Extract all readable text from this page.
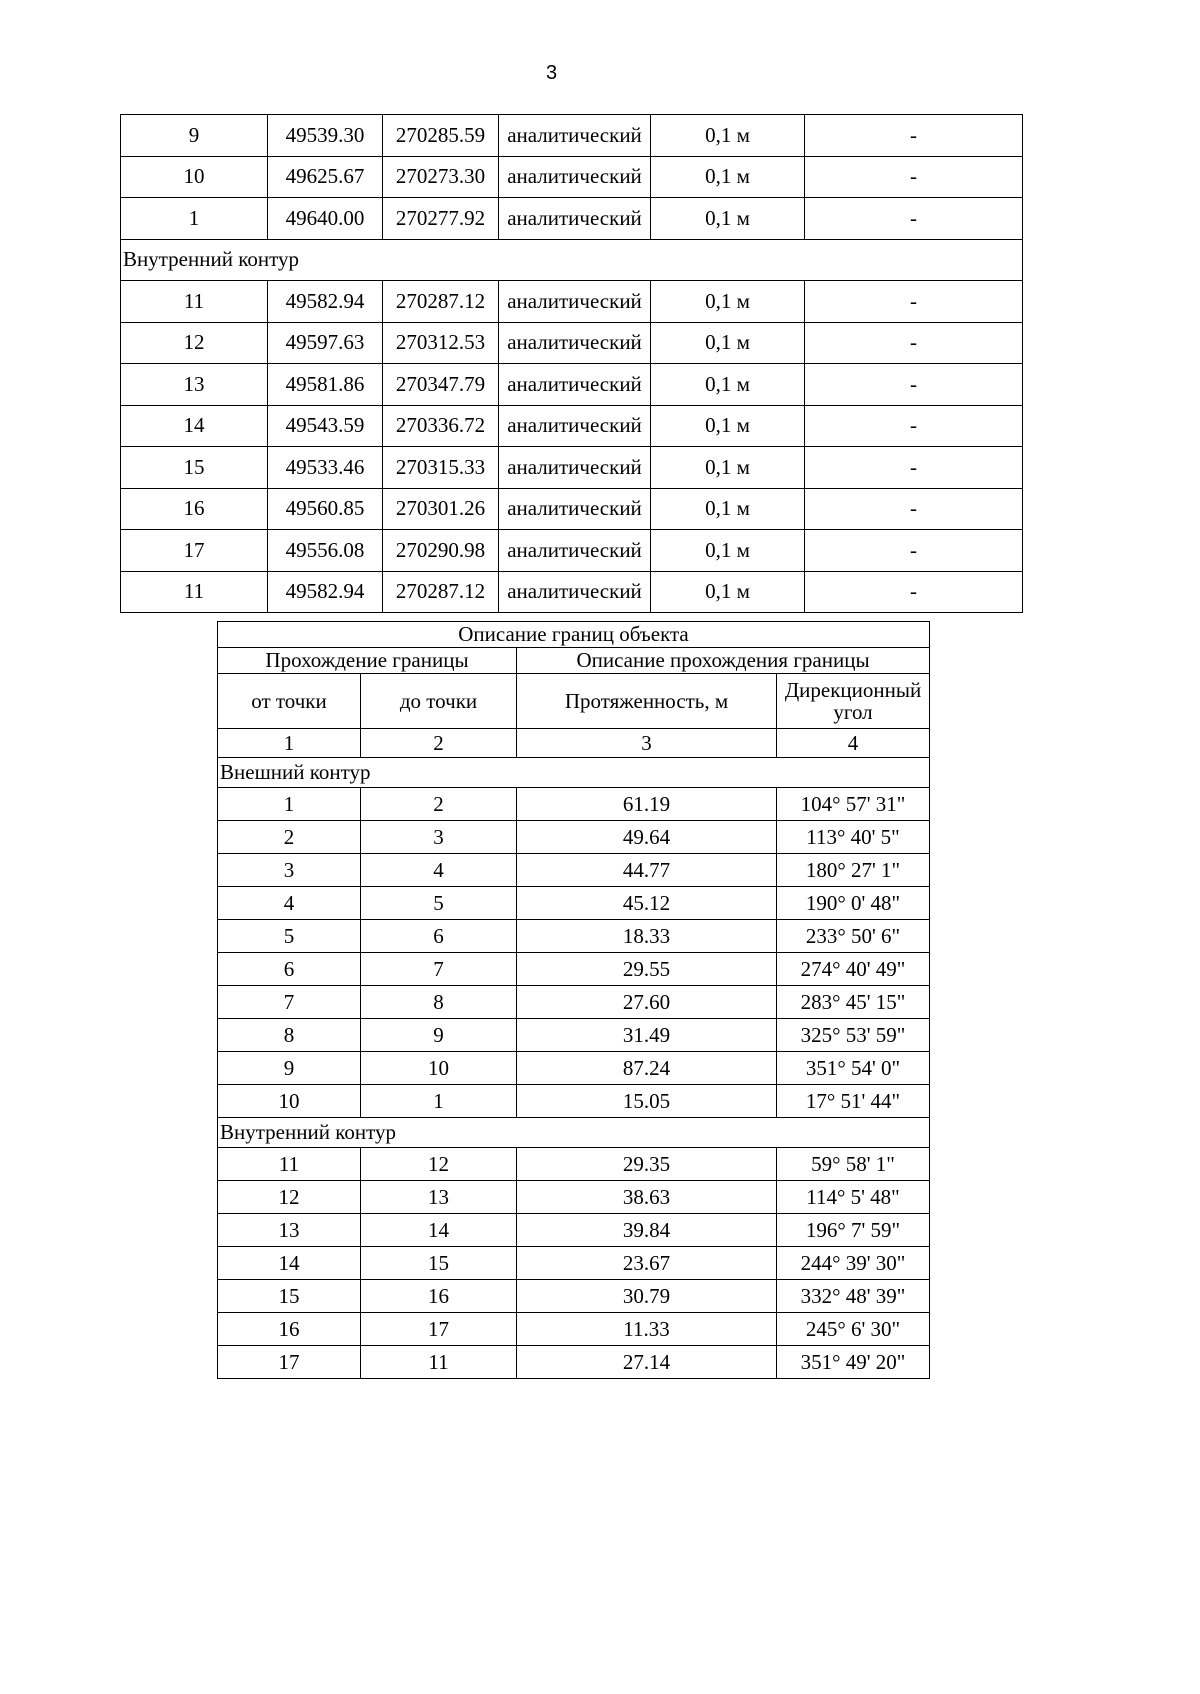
3
9	49539.30	270285.59	аналитический	0,1 м	-
10	49625.67	270273.30	аналитический	0,1 м	-
1	49640.00	270277.92	аналитический	0,1 м	-
Внутренний контур					
11	49582.94	270287.12	аналитический	0,1 м	-
12	49597.63	270312.53	аналитический	0,1 м	-
13	49581.86	270347.79	аналитический	0,1 м	-
14	49543.59	270336.72	аналитический	0,1 м	-
15	49533.46	270315.33	аналитический	0,1 м	-
16	49560.85	270301.26	аналитический	0,1 м	-
17	49556.08	270290.98	аналитический	0,1 м	-
11	49582.94	270287.12	аналитический	0,1 м	-
Описание границ объекта			
Прохождение границы		Описание прохождения границы	
от точки	до точки	Протяженность, м	Дирекционный угол
1	2	3	4
Внешний контур			
1	2	61.19	104° 57' 31"
2	3	49.64	113° 40' 5"
3	4	44.77	180° 27' 1"
4	5	45.12	190° 0' 48"
5	6	18.33	233° 50' 6"
6	7	29.55	274° 40' 49"
7	8	27.60	283° 45' 15"
8	9	31.49	325° 53' 59"
9	10	87.24	351° 54' 0"
10	1	15.05	17° 51' 44"
Внутренний контур			
11	12	29.35	59° 58' 1"
12	13	38.63	114° 5' 48"
13	14	39.84	196° 7' 59"
14	15	23.67	244° 39' 30"
15	16	30.79	332° 48' 39"
16	17	11.33	245° 6' 30"
17	11	27.14	351° 49' 20"
